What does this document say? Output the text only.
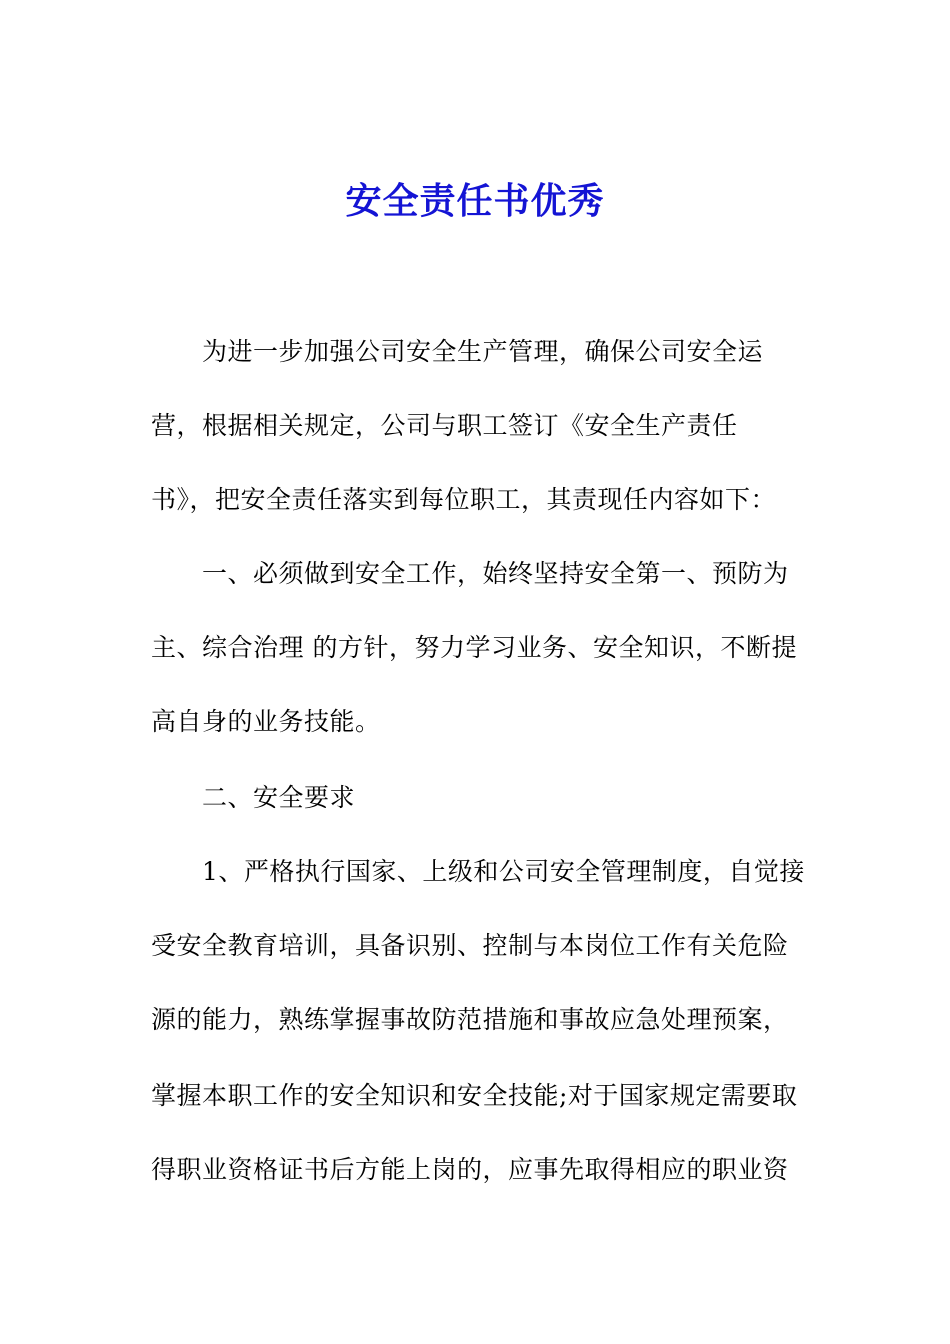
安全责任书优秀
为进一步加强公司安全生产管理，确保公司安全运
营，根据相关规定，公司与职工签订《安全生产责任
书》，把安全责任落实到每位职工，其责现任内容如下：
一、必须做到安全工作，始终坚持安全第一、预防为
主、综合治理 的方针，努力学习业务、安全知识，不断提
高自身的业务技能。
二、安全要求
1、严格执行国家、上级和公司安全管理制度，自觉接
受安全教育培训，具备识别、控制与本岗位工作有关危险
源的能力，熟练掌握事故防范措施和事故应急处理预案，
掌握本职工作的安全知识和安全技能;对于国家规定需要取
得职业资格证书后方能上岗的，应事先取得相应的职业资
